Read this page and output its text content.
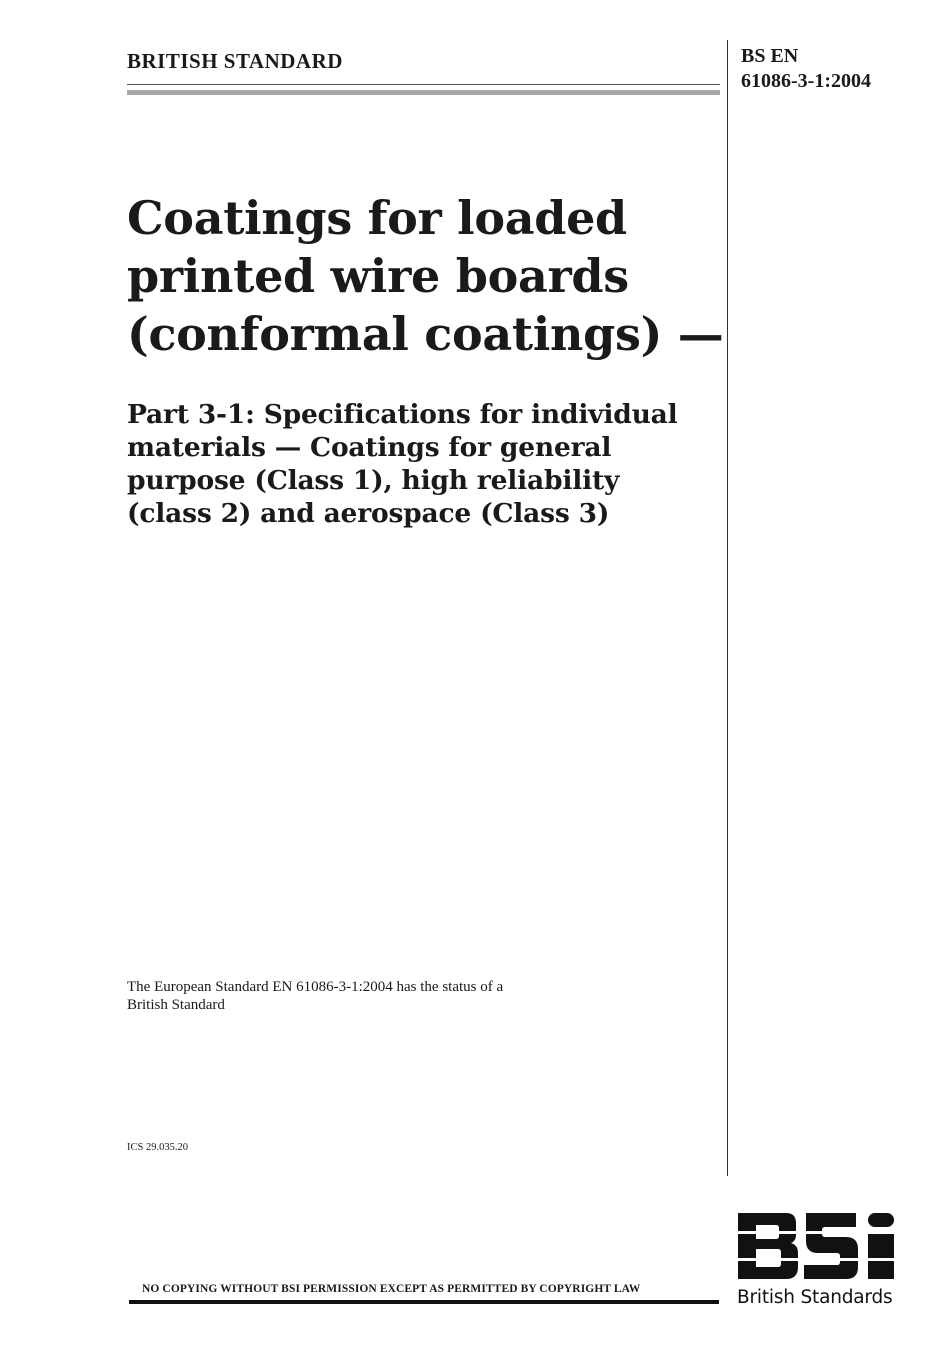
BRITISH STANDARD	BS EN
61086-3-1:2004
Coatings for loaded
printed wire boards
(conformal coatings) —
Part 3-1: Specifications for individual
materials — Coatings for general
purpose (Class 1), high reliability
(class 2) and aerospace (Class 3)
The European Standard EN 61086-3-1:2004 has the status of a
British Standard
ICS 29.035.20
NO COPYING WITHOUT BSI PERMISSION EXCEPT AS PERMITTED BY COPYRIGHT LAW	British Standards
